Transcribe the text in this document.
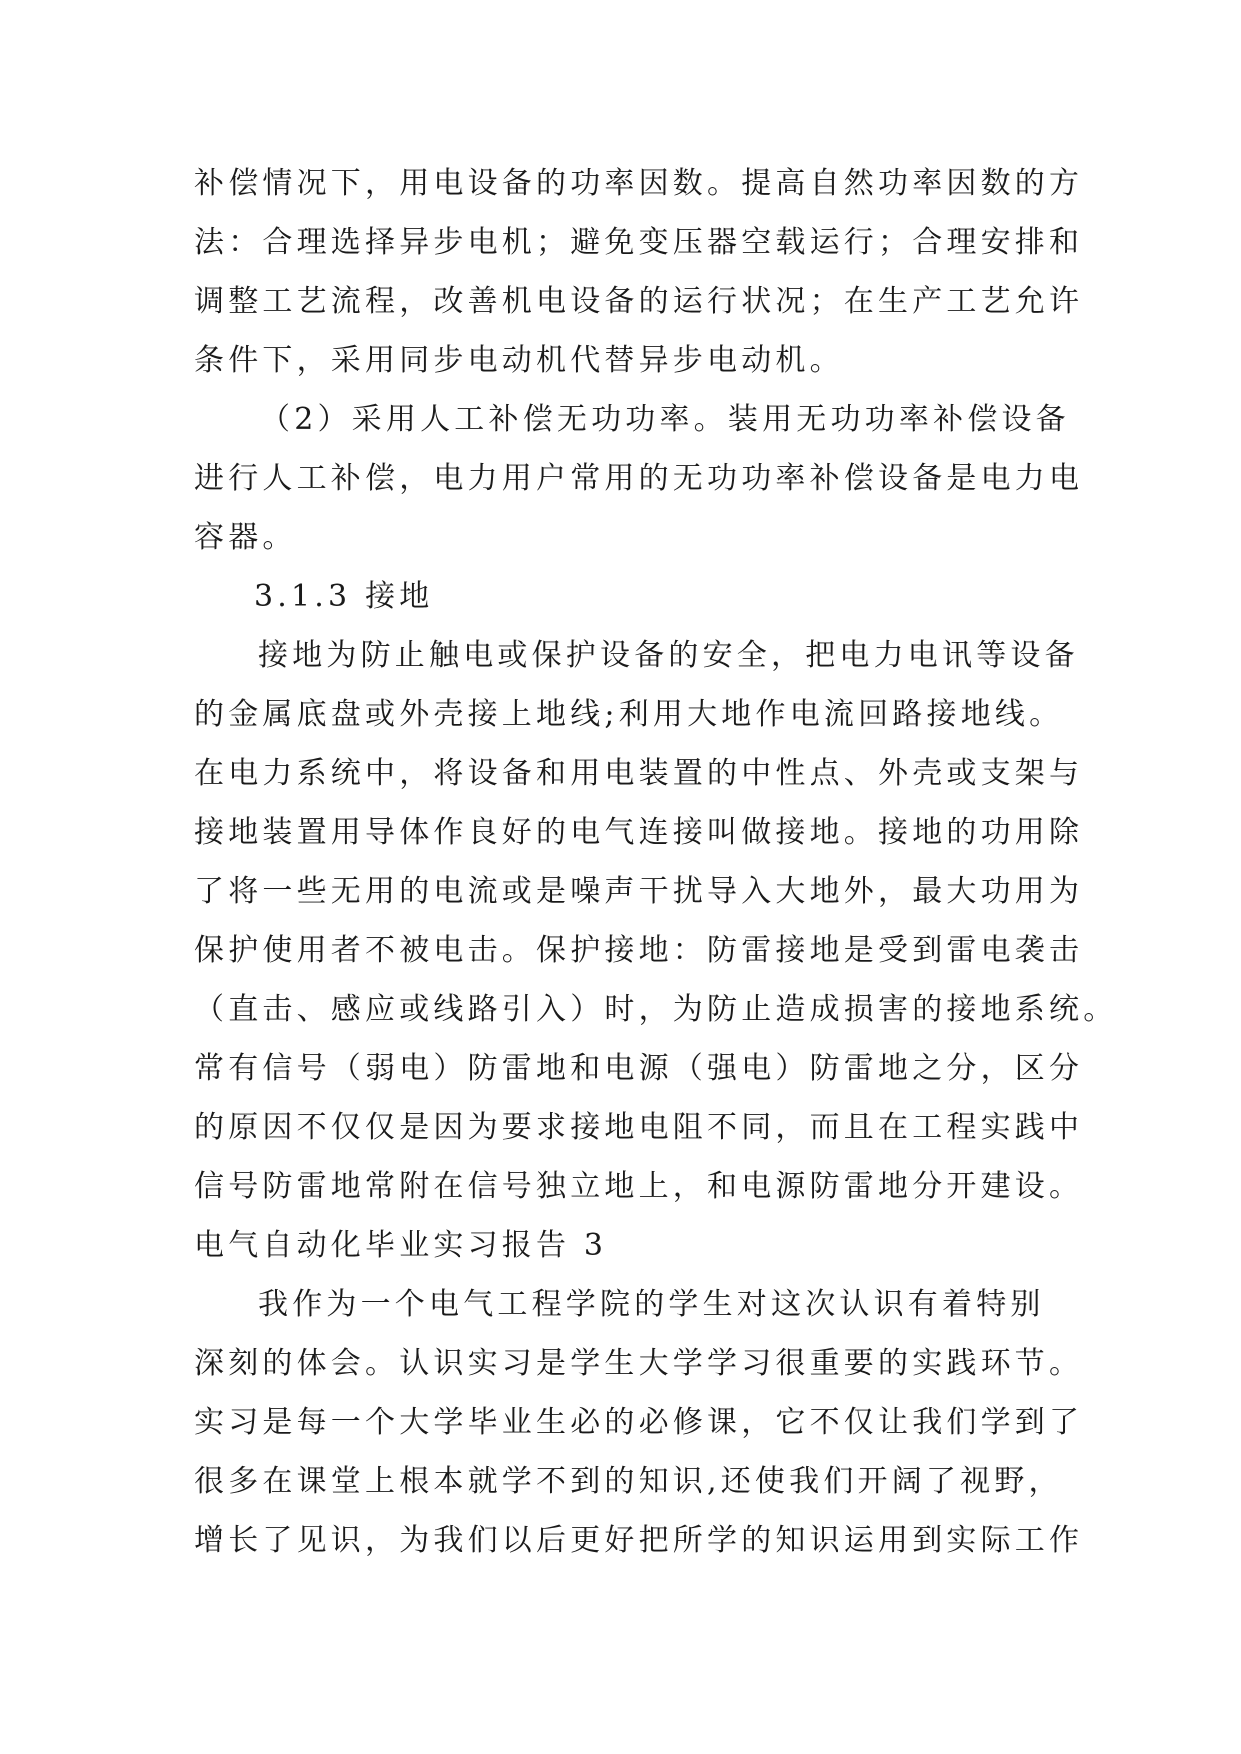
补偿情况下，用电设备的功率因数。提高自然功率因数的方
法：合理选择异步电机；避免变压器空载运行；合理安排和
调整工艺流程，改善机电设备的运行状况；在生产工艺允许
条件下，采用同步电动机代替异步电动机。
（2）采用人工补偿无功功率。装用无功功率补偿设备
进行人工补偿，电力用户常用的无功功率补偿设备是电力电
容器。
3.1.3 接地
接地为防止触电或保护设备的安全，把电力电讯等设备
的金属底盘或外壳接上地线;利用大地作电流回路接地线。
在电力系统中，将设备和用电装置的中性点、外壳或支架与
接地装置用导体作良好的电气连接叫做接地。接地的功用除
了将一些无用的电流或是噪声干扰导入大地外，最大功用为
保护使用者不被电击。保护接地：防雷接地是受到雷电袭击
（直击、感应或线路引入）时，为防止造成损害的接地系统。
常有信号（弱电）防雷地和电源（强电）防雷地之分，区分
的原因不仅仅是因为要求接地电阻不同，而且在工程实践中
信号防雷地常附在信号独立地上，和电源防雷地分开建设。
电气自动化毕业实习报告 3
我作为一个电气工程学院的学生对这次认识有着特别
深刻的体会。认识实习是学生大学学习很重要的实践环节。
实习是每一个大学毕业生必的必修课，它不仅让我们学到了
很多在课堂上根本就学不到的知识,还使我们开阔了视野，
增长了见识，为我们以后更好把所学的知识运用到实际工作
